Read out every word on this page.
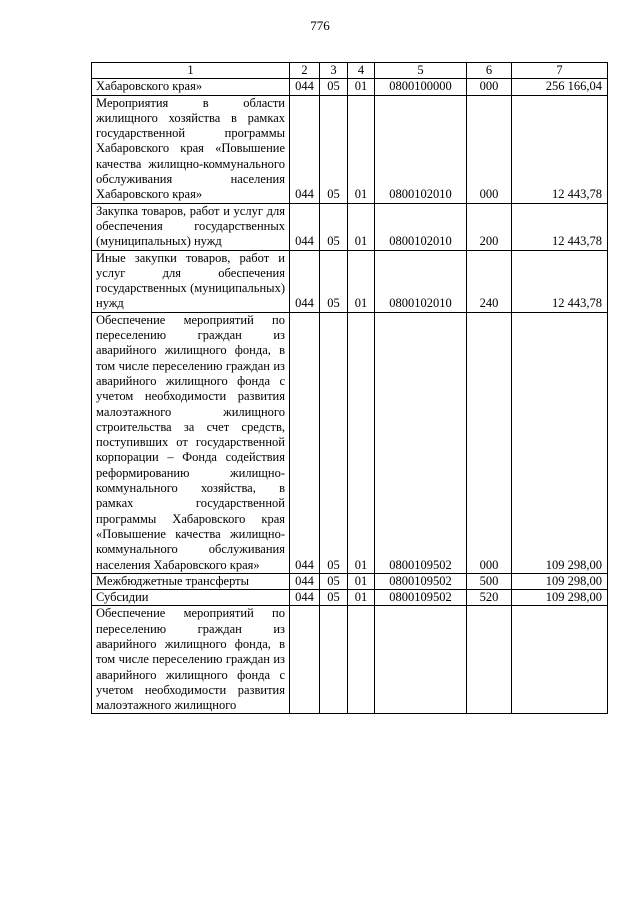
776
1	2	3	4	5	6	7
Хабаровского края»	044	05	01	0800100000	000	256 166,04
Мероприятия в области жилищного хозяйства в рамках государственной программы Хабаровского края «Повышение качества жилищно-коммунального обслуживания населения Хабаровского края»	044	05	01	0800102010	000	12 443,78
Закупка товаров, работ и услуг для обеспечения государственных (муниципальных) нужд	044	05	01	0800102010	200	12 443,78
Иные закупки товаров, работ и услуг для обеспечения государственных (муниципальных) нужд	044	05	01	0800102010	240	12 443,78
Обеспечение мероприятий по переселению граждан из аварийного жилищного фонда, в том числе переселению граждан из аварийного жилищного фонда с учетом необходимости развития малоэтажного жилищного строительства за счет средств, поступивших от государственной корпорации – Фонда содействия реформированию жилищно-коммунального хозяйства, в рамках государственной программы Хабаровского края «Повышение качества жилищно-коммунального обслуживания населения Хабаровского края»	044	05	01	0800109502	000	109 298,00
Межбюджетные трансферты	044	05	01	0800109502	500	109 298,00
Субсидии	044	05	01	0800109502	520	109 298,00
Обеспечение мероприятий по переселению граждан из аварийного жилищного фонда, в том числе переселению граждан из аварийного жилищного фонда с учетом необходимости развития малоэтажного жилищного						
